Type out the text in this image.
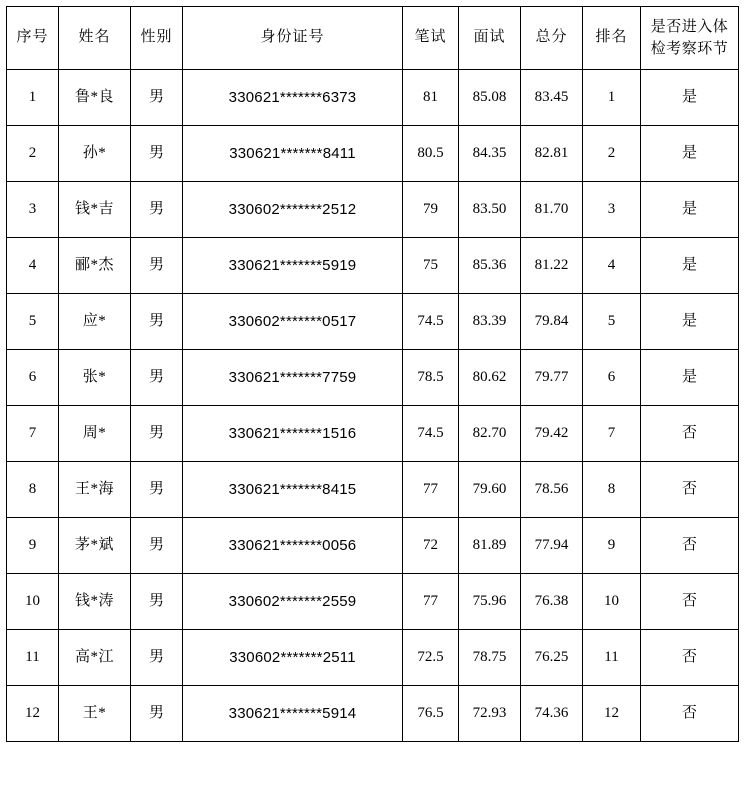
序号	姓名	性别	身份证号	笔试	面试	总分	排名	是否进入体
检考察环节

1	鲁*良	男	330621*******6373	81	85.08	83.45	1	是
2	孙*	男	330621*******8411	80.5	84.35	82.81	2	是
3	钱*吉	男	330602*******2512	79	83.50	81.70	3	是
4	郦*杰	男	330621*******5919	75	85.36	81.22	4	是
5	应*	男	330602*******0517	74.5	83.39	79.84	5	是
6	张*	男	330621*******7759	78.5	80.62	79.77	6	是
7	周*	男	330621*******1516	74.5	82.70	79.42	7	否
8	王*海	男	330621*******8415	77	79.60	78.56	8	否
9	茅*斌	男	330621*******0056	72	81.89	77.94	9	否
10	钱*涛	男	330602*******2559	77	75.96	76.38	10	否
11	高*江	男	330602*******2511	72.5	78.75	76.25	11	否
12	王*	男	330621*******5914	76.5	72.93	74.36	12	否
